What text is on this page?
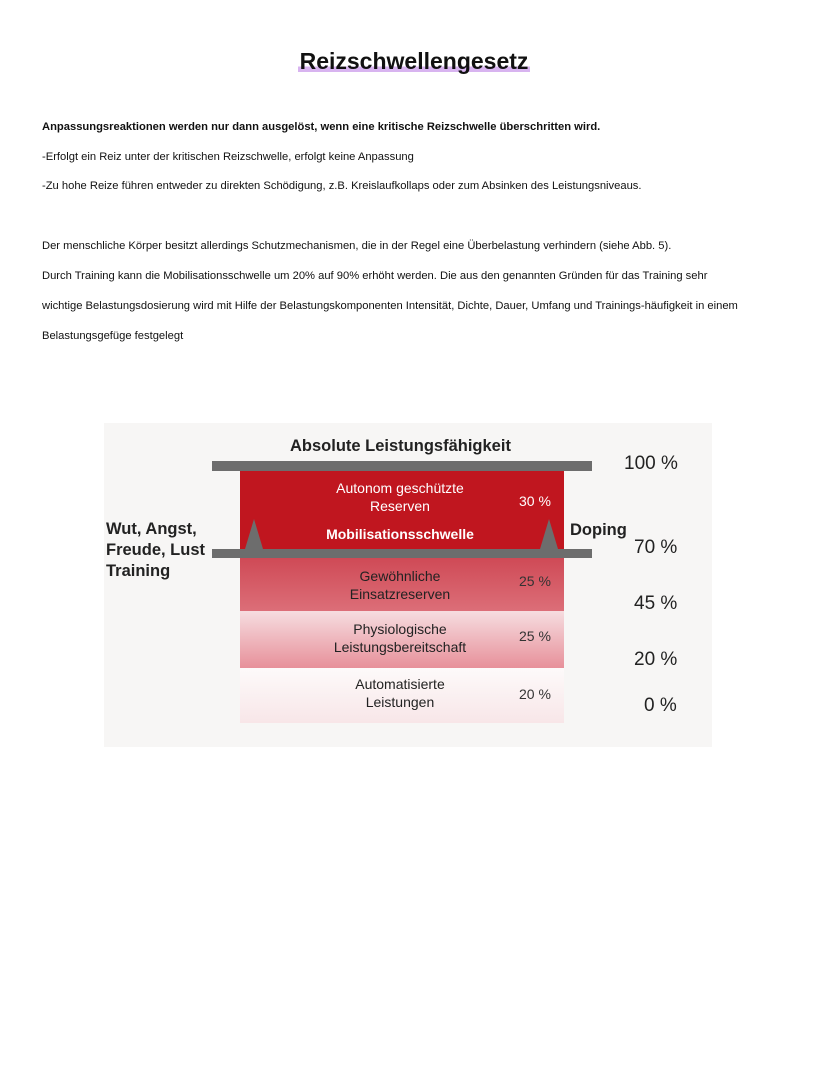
Reizschwellengesetz
Anpassungsreaktionen werden nur dann ausgelöst, wenn eine kritische Reizschwelle überschritten wird.
-Erfolgt ein Reiz unter der kritischen Reizschwelle, erfolgt keine Anpassung
-Zu hohe Reize führen entweder zu direkten Schödigung, z.B. Kreislaufkollaps oder zum Absinken des Leistungsniveaus.
Der menschliche Körper besitzt allerdings Schutzmechanismen, die in der Regel eine Überbelastung verhindern (siehe Abb. 5).
Durch Training kann die Mobilisationsschwelle um 20% auf 90% erhöht werden. Die aus den genannten Gründen für das Training sehr
wichtige Belastungsdosierung wird mit Hilfe der Belastungskomponenten Intensität, Dichte, Dauer, Umfang und Trainings-häufigkeit in einem
Belastungsgefüge festgelegt
Absolute Leistungsfähigkeit
Autonom geschützte
Reserven	30 %
Mobilisationsschwelle
Gewöhnliche
Einsatzreserven
25 %
Physiologische
Leistungsbereitschaft
25 %
Automatisierte
Leistungen	20 %
Wut, Angst,
Freude, Lust
Training
Doping
100 %
70 %
45 %
20 %
0 %
